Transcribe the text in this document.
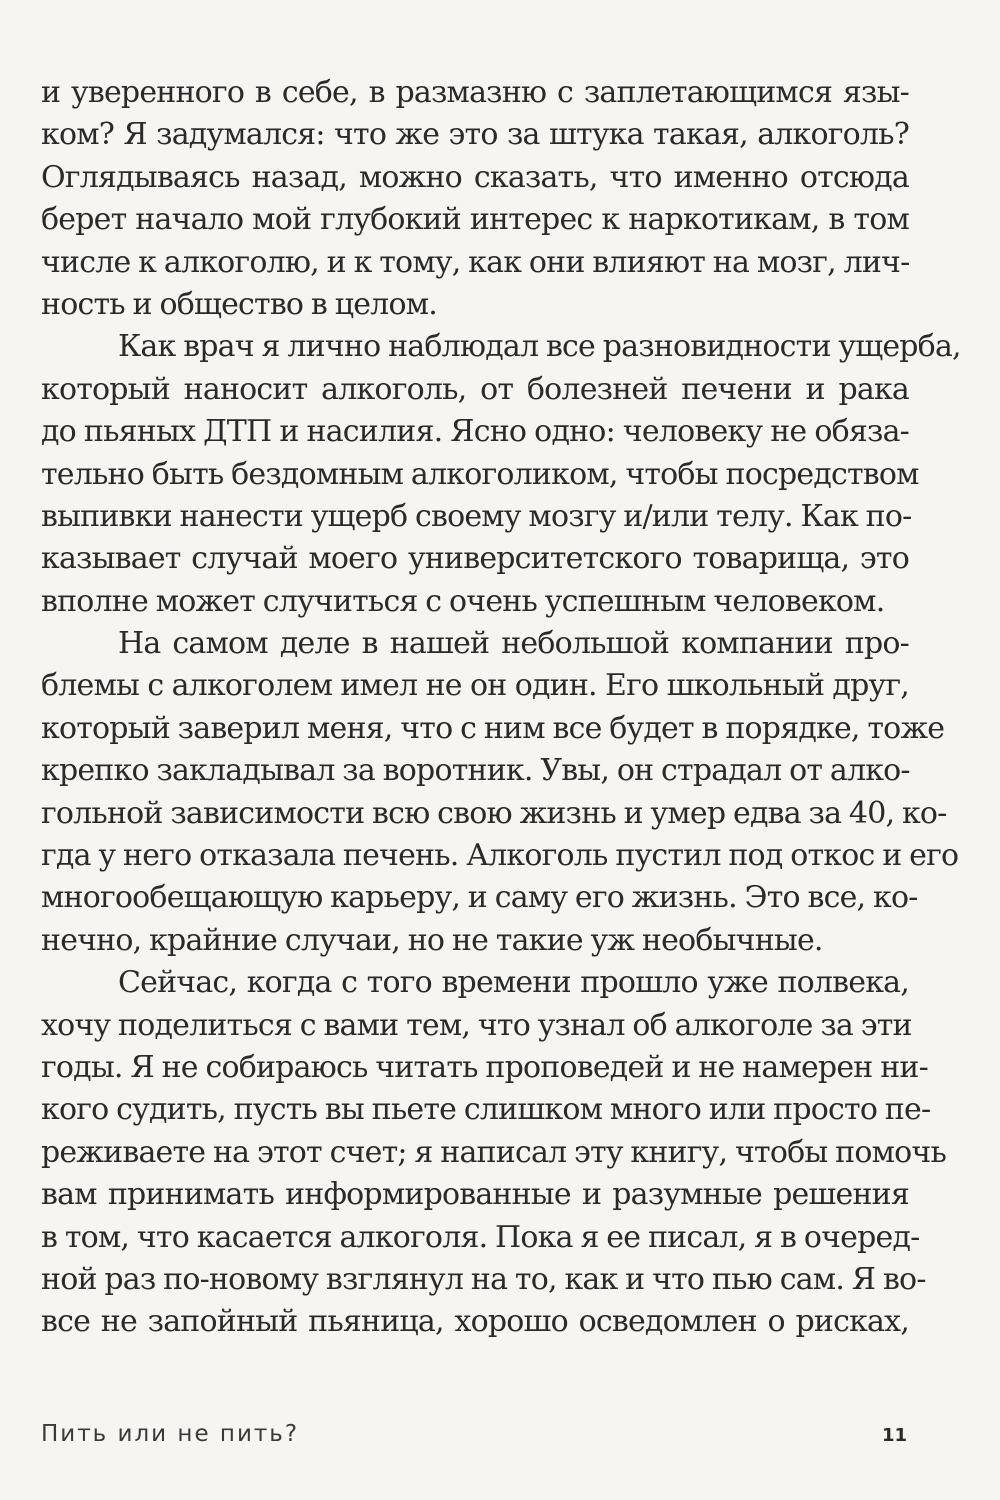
и уверенного в себе, в размазню с заплетающимся язы-
ком? Я задумался: что же это за штука такая, алкоголь?
Оглядываясь назад, можно сказать, что именно отсюда
берет начало мой глубокий интерес к наркотикам, в том
числе к алкоголю, и к тому, как они влияют на мозг, лич-
ность и общество в целом.
Как врач я лично наблюдал все разновидности ущерба,
который наносит алкоголь, от болезней печени и рака
до пьяных ДТП и насилия. Ясно одно: человеку не обяза-
тельно быть бездомным алкоголиком, чтобы посредством
выпивки нанести ущерб своему мозгу и/или телу. Как по-
казывает случай моего университетского товарища, это
вполне может случиться с очень успешным человеком.
На самом деле в нашей небольшой компании про-
блемы с алкоголем имел не он один. Его школьный друг,
который заверил меня, что с ним все будет в порядке, тоже
крепко закладывал за воротник. Увы, он страдал от алко-
гольной зависимости всю свою жизнь и умер едва за 40, ко-
гда у него отказала печень. Алкоголь пустил под откос и его
многообещающую карьеру, и саму его жизнь. Это все, ко-
нечно, крайние случаи, но не такие уж необычные.
Сейчас, когда с того времени прошло уже полвека,
хочу поделиться с вами тем, что узнал об алкоголе за эти
годы. Я не собираюсь читать проповедей и не намерен ни-
кого судить, пусть вы пьете слишком много или просто пе-
реживаете на этот счет; я написал эту книгу, чтобы помочь
вам принимать информированные и разумные решения
в том, что касается алкоголя. Пока я ее писал, я в очеред-
ной раз по-новому взглянул на то, как и что пью сам. Я во-
все не запойный пьяница, хорошо осведомлен о рисках,
Пить или не пить?	11
